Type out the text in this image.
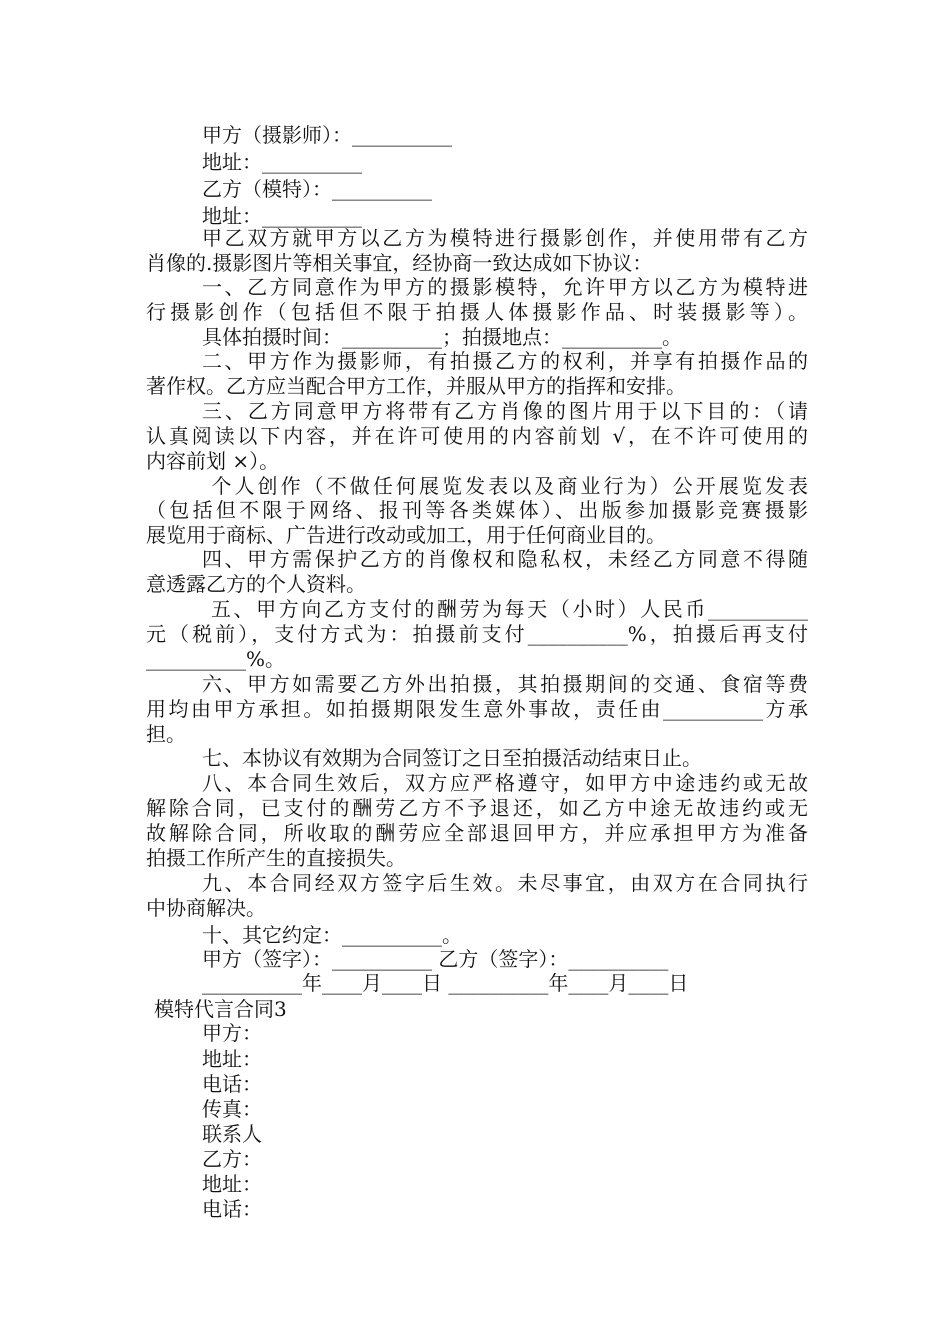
甲方（摄影师）：__________
地址：__________
乙方（模特）：__________
地址：__________
甲乙双方就甲方以乙方为模特进行摄影创作，并使用带有乙方
肖像的.摄影图片等相关事宜，经协商一致达成如下协议：
一、乙方同意作为甲方的摄影模特，允许甲方以乙方为模特进
行摄影创作（包括但不限于拍摄人体摄影作品、时装摄影等）。
具体拍摄时间：__________；拍摄地点：__________。
二、甲方作为摄影师，有拍摄乙方的权利，并享有拍摄作品的
著作权。乙方应当配合甲方工作，并服从甲方的指挥和安排。
三、乙方同意甲方将带有乙方肖像的图片用于以下目的：（请
认真阅读以下内容，并在许可使用的内容前划 √，在不许可使用的
内容前划 ×）。
个人创作（不做任何展览发表以及商业行为）公开展览发表
（包括但不限于网络、报刊等各类媒体）、出版参加摄影竞赛摄影
展览用于商标、广告进行改动或加工，用于任何商业目的。
四、甲方需保护乙方的肖像权和隐私权，未经乙方同意不得随
意透露乙方的个人资料。
五、甲方向乙方支付的酬劳为每天（小时）人民币__________
元（税前），支付方式为：拍摄前支付__________%，拍摄后再支付
__________%。
六、甲方如需要乙方外出拍摄，其拍摄期间的交通、食宿等费
用均由甲方承担。如拍摄期限发生意外事故，责任由__________方承
担。
七、本协议有效期为合同签订之日至拍摄活动结束日止。
八、本合同生效后，双方应严格遵守，如甲方中途违约或无故
解除合同，已支付的酬劳乙方不予退还，如乙方中途无故违约或无
故解除合同，所收取的酬劳应全部退回甲方，并应承担甲方为准备
拍摄工作所产生的直接损失。
九、本合同经双方签字后生效。未尽事宜，由双方在合同执行
中协商解决。
十、其它约定：__________。
甲方（签字）：__________ 乙方（签字）：__________
__________年____月____日 __________年____月____日
模特代言合同3
甲方：
地址：
电话：
传真：
联系人
乙方：
地址：
电话：
